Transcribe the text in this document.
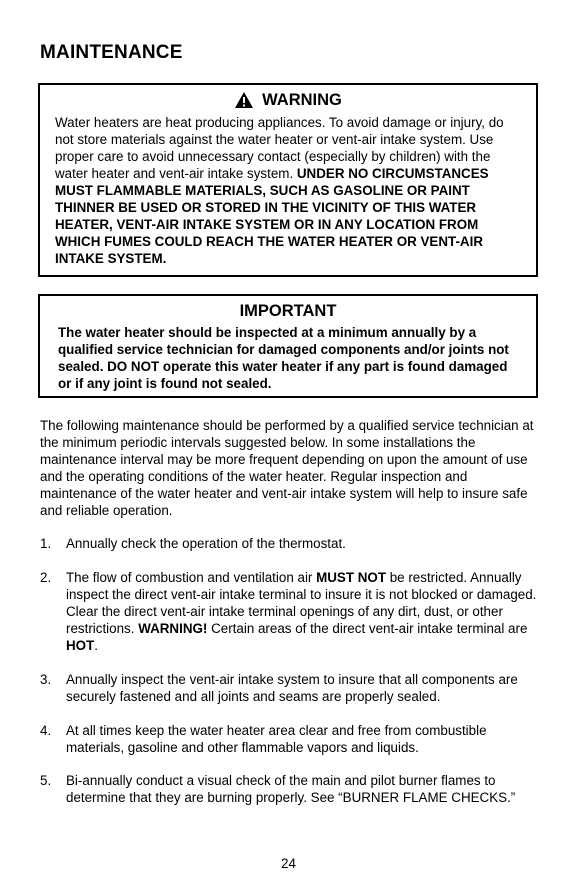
MAINTENANCE
WARNING
Water heaters are heat producing appliances. To avoid damage or injury, do not store materials against the water heater or vent-air intake system. Use proper care to avoid unnecessary contact (especially by children) with the water heater and vent-air intake system. UNDER NO CIRCUMSTANCES MUST FLAMMABLE MATERIALS, SUCH AS GASOLINE OR PAINT THINNER BE USED OR STORED IN THE VICINITY OF THIS WATER HEATER, VENT-AIR INTAKE SYSTEM OR IN ANY LOCATION FROM WHICH FUMES COULD REACH THE WATER HEATER OR VENT-AIR INTAKE SYSTEM.
IMPORTANT
The water heater should be inspected at a minimum annually by a qualified service technician for damaged components and/or joints not sealed. DO NOT operate this water heater if any part is found damaged or if any joint is found not sealed.
The following maintenance should be performed by a qualified service technician at the minimum periodic intervals suggested below. In some installations the maintenance interval may be more frequent depending on upon the amount of use and the operating conditions of the water heater. Regular inspection and maintenance of the water heater and vent-air intake system will help to insure safe and reliable operation.
1.	Annually check the operation of the thermostat.
2.	The flow of combustion and ventilation air MUST NOT be restricted. Annually inspect the direct vent-air intake terminal to insure it is not blocked or damaged. Clear the direct vent-air intake terminal openings of any dirt, dust, or other restrictions. WARNING! Certain areas of the direct vent-air intake terminal are HOT.
3.	Annually inspect the vent-air intake system to insure that all components are securely fastened and all joints and seams are properly sealed.
4.	At all times keep the water heater area clear and free from combustible materials, gasoline and other flammable vapors and liquids.
5.	Bi-annually conduct a visual check of the main and pilot burner flames to determine that they are burning properly. See “BURNER FLAME CHECKS.”
24
